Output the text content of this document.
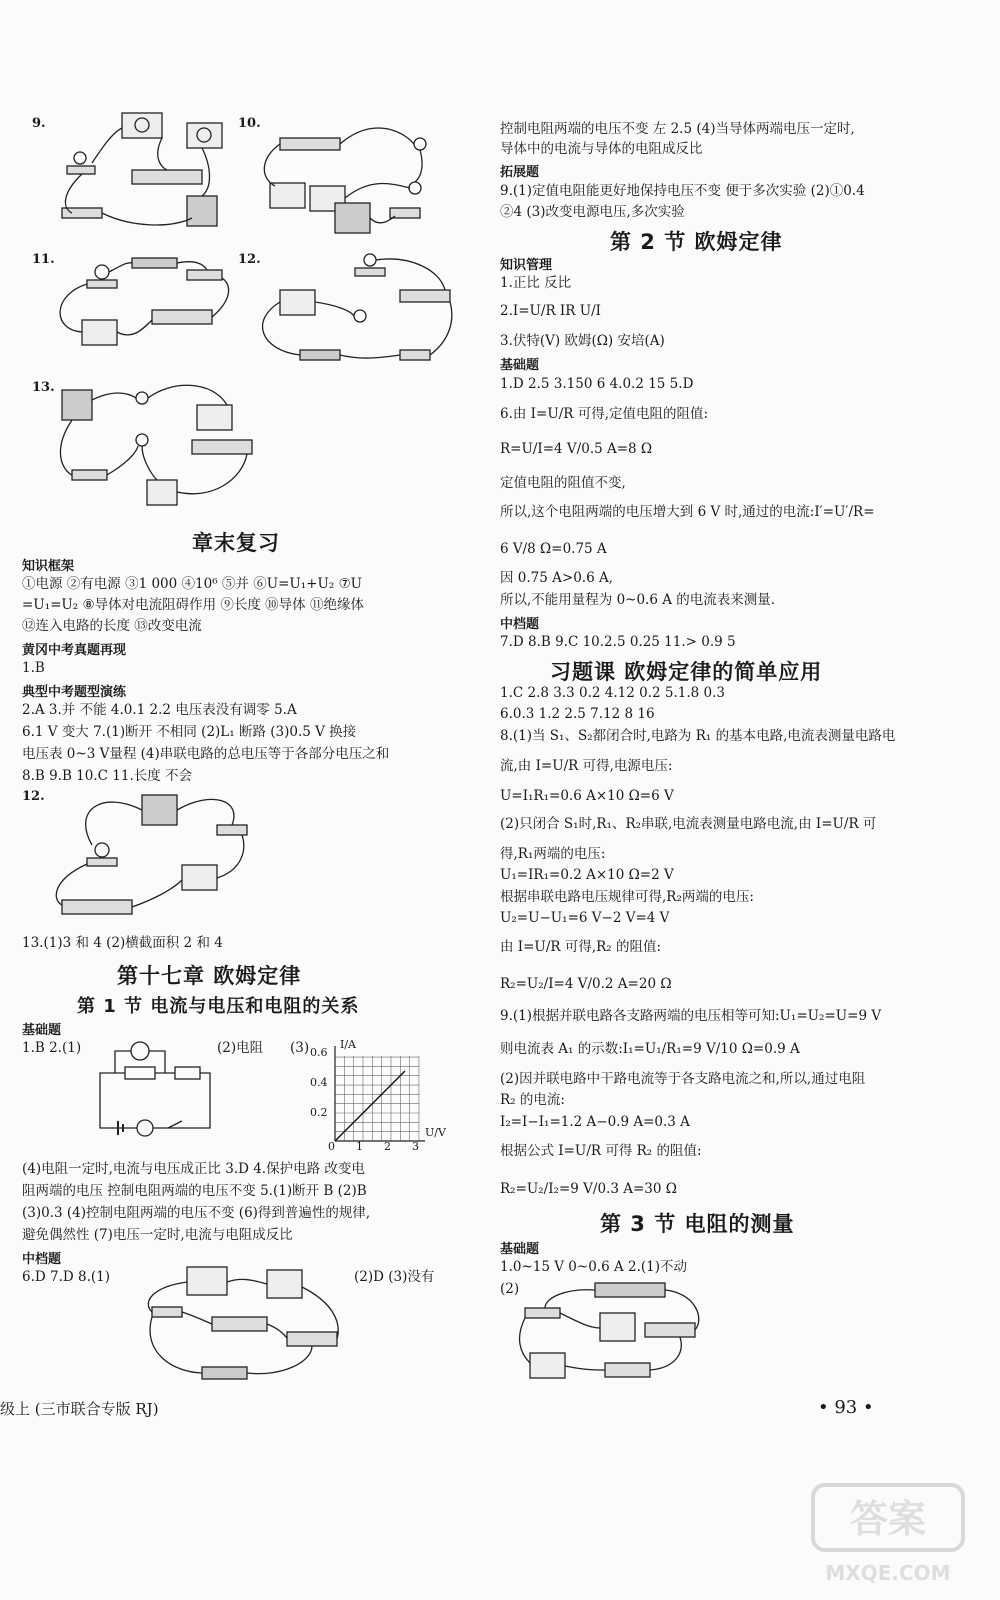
9.	10.
11.	12.
13.
章末复习
知识框架
①电源 ②有电源 ③1 000 ④10⁶ ⑤并 ⑥U=U₁+U₂ ⑦U
=U₁=U₂ ⑧导体对电流阻碍作用 ⑨长度 ⑩导体 ⑪绝缘体
⑫连入电路的长度 ⑬改变电流
黄冈中考真题再现
1.B
典型中考题型演练
2.A 3.并 不能 4.0.1 2.2 电压表没有调零 5.A
6.1 V 变大 7.(1)断开 不相同 (2)L₁ 断路 (3)0.5 V 换接
电压表 0~3 V量程 (4)串联电路的总电压等于各部分电压之和
8.B 9.B 10.C 11.长度 不会
12.
13.(1)3 和 4 (2)横截面积 2 和 4
第十七章 欧姆定律
第 1 节 电流与电压和电阻的关系
基础题
1.B 2.(1)	(2)电阻 (3)	I/A
U/V
0.6
0.4
0.2
0 1 2 3
(4)电阻一定时,电流与电压成正比 3.D 4.保护电路 改变电
阻两端的电压 控制电阻两端的电压不变 5.(1)断开 B (2)B
(3)0.3 (4)控制电阻两端的电压不变 (6)得到普遍性的规律,
避免偶然性 (7)电压一定时,电流与电阻成反比
中档题
6.D 7.D 8.(1)	(2)D (3)没有
级上 (三市联合专版 RJ)
控制电阻两端的电压不变 左 2.5 (4)当导体两端电压一定时,
导体中的电流与导体的电阻成反比
拓展题
9.(1)定值电阻能更好地保持电压不变 便于多次实验 (2)①0.4
②4 (3)改变电源电压,多次实验
第 2 节 欧姆定律
知识管理
1.正比 反比
2.I=U/R IR U/I
3.伏特(V) 欧姆(Ω) 安培(A)
基础题
1.D 2.5 3.150 6 4.0.2 15 5.D
6.由 I=U/R 可得,定值电阻的阻值:
R=U/I=4 V/0.5 A=8 Ω
定值电阻的阻值不变,
所以,这个电阻两端的电压增大到 6 V 时,通过的电流:I′=U′/R=
6 V/8 Ω=0.75 A
因 0.75 A>0.6 A,
所以,不能用量程为 0~0.6 A 的电流表来测量.
中档题
7.D 8.B 9.C 10.2.5 0.25 11.> 0.9 5
习题课 欧姆定律的简单应用
1.C 2.8 3.3 0.2 4.12 0.2 5.1.8 0.3
6.0.3 1.2 2.5 7.12 8 16
8.(1)当 S₁、S₂都闭合时,电路为 R₁ 的基本电路,电流表测量电路电
流,由 I=U/R 可得,电源电压:
U=I₁R₁=0.6 A×10 Ω=6 V
(2)只闭合 S₁时,R₁、R₂串联,电流表测量电路电流,由 I=U/R 可
得,R₁两端的电压:
U₁=IR₁=0.2 A×10 Ω=2 V
根据串联电路电压规律可得,R₂两端的电压:
U₂=U−U₁=6 V−2 V=4 V
由 I=U/R 可得,R₂ 的阻值:
R₂=U₂/I=4 V/0.2 A=20 Ω
9.(1)根据并联电路各支路两端的电压相等可知:U₁=U₂=U=9 V
则电流表 A₁ 的示数:I₁=U₁/R₁=9 V/10 Ω=0.9 A
(2)因并联电路中干路电流等于各支路电流之和,所以,通过电阻
R₂ 的电流:
I₂=I−I₁=1.2 A−0.9 A=0.3 A
根据公式 I=U/R 可得 R₂ 的阻值:
R₂=U₂/I₂=9 V/0.3 A=30 Ω
第 3 节 电阻的测量
基础题
1.0~15 V 0~0.6 A 2.(1)不动
(2)
• 93 •
答案
MXQE.COM
